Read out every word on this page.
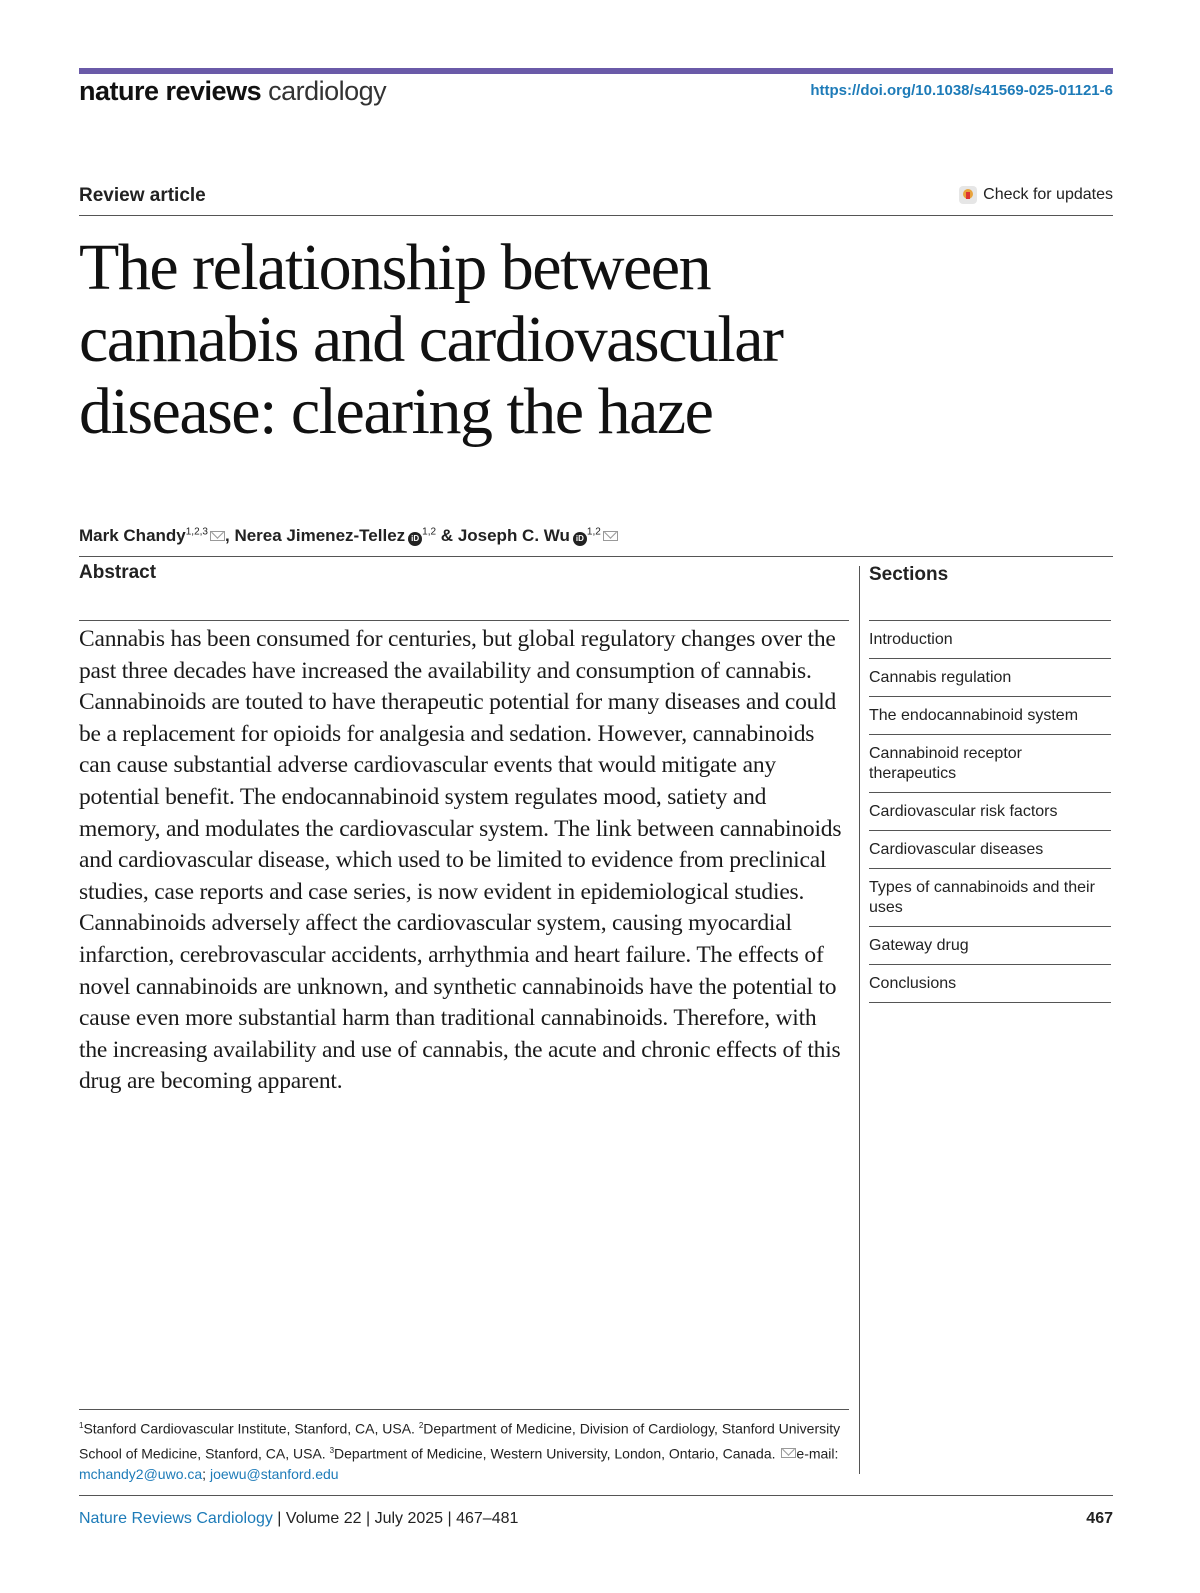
nature reviews cardiology	https://doi.org/10.1038/s41569-025-01121-6
Review article	Check for updates
The relationship between cannabis and cardiovascular disease: clearing the haze
Mark Chandy$^{1,2,3}$ , Nerea Jimenez-Tellez iD$^{1,2}$ & Joseph C. Wu iD$^{1,2}$
Abstract

Cannabis has been consumed for centuries, but global regulatory changes over the past three decades have increased the availability and consumption of cannabis. Cannabinoids are touted to have therapeutic potential for many diseases and could be a replacement for opioids for analgesia and sedation. However, cannabinoids can cause substantial adverse cardiovascular events that would mitigate any potential benefit. The endocannabinoid system regulates mood, satiety and memory, and modulates the cardiovascular system. The link between cannabinoids and cardiovascular disease, which used to be limited to evidence from preclinical studies, case reports and case series, is now evident in epidemiological studies. Cannabinoids adversely affect the cardiovascular system, causing myocardial infarction, cerebrovascular accidents, arrhythmia and heart failure. The effects of novel cannabinoids are unknown, and synthetic cannabinoids have the potential to cause even more substantial harm than traditional cannabinoids. Therefore, with the increasing availability and use of cannabis, the acute and chronic effects of this drug are becoming apparent.

Sections
Introduction
Cannabis regulation
The endocannabinoid system
Cannabinoid receptor therapeutics
Cardiovascular risk factors
Cardiovascular diseases
Types of cannabinoids and their uses
Gateway drug
Conclusions

$^1$Stanford Cardiovascular Institute, Stanford, CA, USA. $^2$Department of Medicine, Division of Cardiology, Stanford University School of Medicine, Stanford, CA, USA. $^3$Department of Medicine, Western University, London, Ontario, Canada. e-mail: mchandy2@uwo.ca; joewu@stanford.edu

Nature Reviews Cardiology | Volume 22 | July 2025 | 467–481	467
